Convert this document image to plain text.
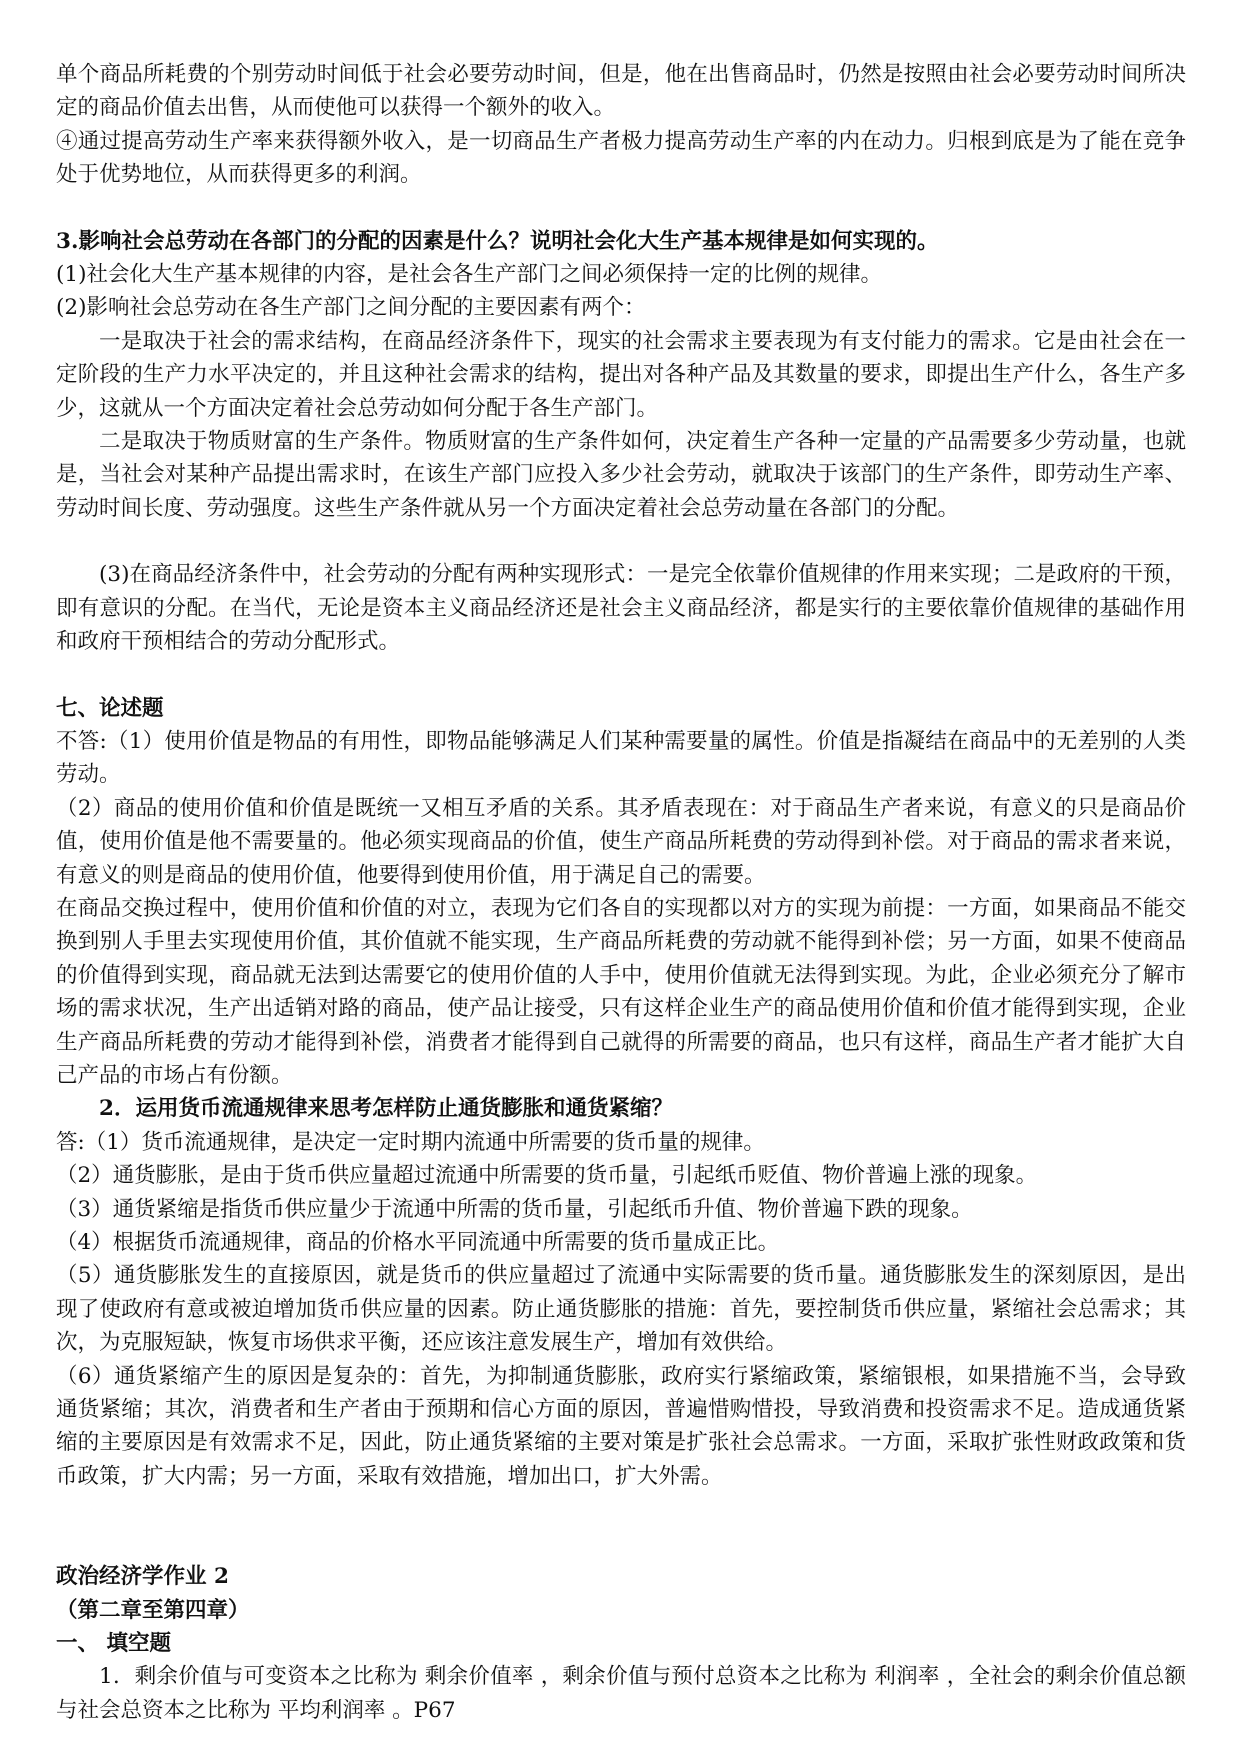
单个商品所耗费的个别劳动时间低于社会必要劳动时间，但是，他在出售商品时，仍然是按照由社会必要劳动时间所决定的商品价值去出售，从而使他可以获得一个额外的收入。

④通过提高劳动生产率来获得额外收入，是一切商品生产者极力提高劳动生产率的内在动力。归根到底是为了能在竞争处于优势地位，从而获得更多的利润。

3.影响社会总劳动在各部门的分配的因素是什么？说明社会化大生产基本规律是如何实现的。

(1)社会化大生产基本规律的内容，是社会各生产部门之间必须保持一定的比例的规律。

(2)影响社会总劳动在各生产部门之间分配的主要因素有两个：

一是取决于社会的需求结构，在商品经济条件下，现实的社会需求主要表现为有支付能力的需求。它是由社会在一定阶段的生产力水平决定的，并且这种社会需求的结构，提出对各种产品及其数量的要求，即提出生产什么，各生产多少，这就从一个方面决定着社会总劳动如何分配于各生产部门。

二是取决于物质财富的生产条件。物质财富的生产条件如何，决定着生产各种一定量的产品需要多少劳动量，也就是，当社会对某种产品提出需求时，在该生产部门应投入多少社会劳动，就取决于该部门的生产条件，即劳动生产率、劳动时间长度、劳动强度。这些生产条件就从另一个方面决定着社会总劳动量在各部门的分配。

(3)在商品经济条件中，社会劳动的分配有两种实现形式：一是完全依靠价值规律的作用来实现；二是政府的干预，即有意识的分配。在当代，无论是资本主义商品经济还是社会主义商品经济，都是实行的主要依靠价值规律的基础作用和政府干预相结合的劳动分配形式。

七、论述题

不答:（1）使用价值是物品的有用性，即物品能够满足人们某种需要量的属性。价值是指凝结在商品中的无差别的人类劳动。

（2）商品的使用价值和价值是既统一又相互矛盾的关系。其矛盾表现在：对于商品生产者来说，有意义的只是商品价值，使用价值是他不需要量的。他必须实现商品的价值，使生产商品所耗费的劳动得到补偿。对于商品的需求者来说，有意义的则是商品的使用价值，他要得到使用价值，用于满足自己的需要。

在商品交换过程中，使用价值和价值的对立，表现为它们各自的实现都以对方的实现为前提：一方面，如果商品不能交换到别人手里去实现使用价值，其价值就不能实现，生产商品所耗费的劳动就不能得到补偿；另一方面，如果不使商品的价值得到实现，商品就无法到达需要它的使用价值的人手中，使用价值就无法得到实现。为此，企业必须充分了解市场的需求状况，生产出适销对路的商品，使产品让接受，只有这样企业生产的商品使用价值和价值才能得到实现，企业生产商品所耗费的劳动才能得到补偿，消费者才能得到自己就得的所需要的商品，也只有这样，商品生产者才能扩大自己产品的市场占有份额。

2．运用货币流通规律来思考怎样防止通货膨胀和通货紧缩？

答:（1）货币流通规律，是决定一定时期内流通中所需要的货币量的规律。

（2）通货膨胀，是由于货币供应量超过流通中所需要的货币量，引起纸币贬值、物价普遍上涨的现象。

（3）通货紧缩是指货币供应量少于流通中所需的货币量，引起纸币升值、物价普遍下跌的现象。

（4）根据货币流通规律，商品的价格水平同流通中所需要的货币量成正比。

（5）通货膨胀发生的直接原因，就是货币的供应量超过了流通中实际需要的货币量。通货膨胀发生的深刻原因，是出现了使政府有意或被迫增加货币供应量的因素。防止通货膨胀的措施：首先，要控制货币供应量，紧缩社会总需求；其次，为克服短缺，恢复市场供求平衡，还应该注意发展生产，增加有效供给。

（6）通货紧缩产生的原因是复杂的：首先，为抑制通货膨胀，政府实行紧缩政策，紧缩银根，如果措施不当，会导致通货紧缩；其次，消费者和生产者由于预期和信心方面的原因，普遍惜购惜投，导致消费和投资需求不足。造成通货紧缩的主要原因是有效需求不足，因此，防止通货紧缩的主要对策是扩张社会总需求。一方面，采取扩张性财政政策和货币政策，扩大内需；另一方面，采取有效措施，增加出口，扩大外需。

政治经济学作业 2

（第二章至第四章）

一、 填空题

1．剩余价值与可变资本之比称为 剩余价值率 ，剩余价值与预付总资本之比称为 利润率 ，全社会的剩余价值总额与社会总资本之比称为 平均利润率 。P67
